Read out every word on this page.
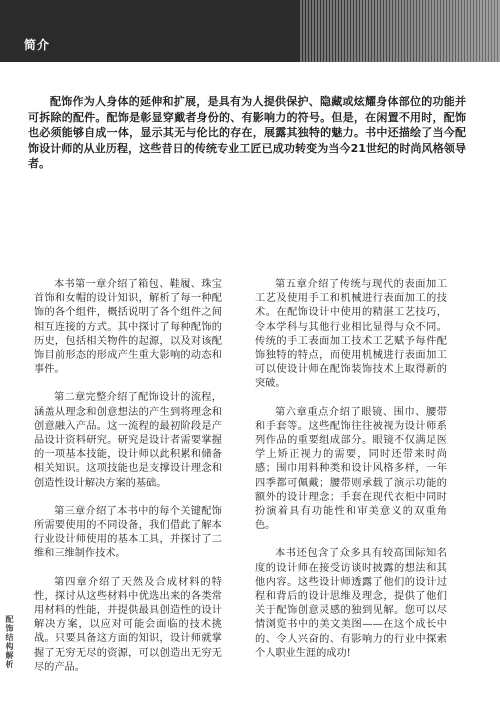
简介

配饰作为人身体的延伸和扩展，是具有为人提供保护、隐藏或炫耀身体部位的功能并可拆除的配件。配饰是彰显穿戴者身份的、有影响力的符号。但是，在闲置不用时，配饰也必须能够自成一体，显示其无与伦比的存在，展露其独特的魅力。书中还描绘了当今配饰设计师的从业历程，这些昔日的传统专业工匠已成功转变为当今21世纪的时尚风格领导者。

本书第一章介绍了箱包、鞋履、珠宝首饰和女帽的设计知识，解析了每一种配饰的各个组件，概括说明了各个组件之间相互连接的方式。其中探讨了每种配饰的历史，包括相关物件的起源，以及对该配饰目前形态的形成产生重大影响的动态和事件。

第二章完整介绍了配饰设计的流程，涵盖从理念和创意想法的产生到将理念和创意融入产品。这一流程的最初阶段是产品设计资料研究。研究是设计者需要掌握的一项基本技能，设计师以此积累和储备相关知识。这项技能也是支撑设计理念和创造性设计解决方案的基础。

第三章介绍了本书中的每个关键配饰所需要使用的不同设备，我们借此了解本行业设计师使用的基本工具，并探讨了二维和三维制作技术。

第四章介绍了天然及合成材料的特性，探讨从这些材料中优选出来的各类常用材料的性能，并提供最具创造性的设计解决方案，以应对可能会面临的技术挑战。只要具备这方面的知识，设计师就掌握了无穷无尽的资源，可以创造出无穷无尽的产品。

第五章介绍了传统与现代的表面加工工艺及使用手工和机械进行表面加工的技术。在配饰设计中使用的精湛工艺技巧，令本学科与其他行业相比显得与众不同。传统的手工表面加工技术工艺赋予每件配饰独特的特点，而使用机械进行表面加工可以使设计师在配饰装饰技术上取得新的突破。

第六章重点介绍了眼镜、围巾、腰带和手套等。这些配饰往往被视为设计师系列作品的重要组成部分。眼镜不仅满足医学上矫正视力的需要，同时还带来时尚感；围巾用料种类和设计风格多样，一年四季都可佩戴；腰带则承载了演示功能的额外的设计理念；手套在现代衣柜中同时扮演着具有功能性和审美意义的双重角色。

本书还包含了众多具有较高国际知名度的设计师在接受访谈时披露的想法和其他内容。这些设计师透露了他们的设计过程和背后的设计思维及理念，提供了他们关于配饰创意灵感的独到见解。您可以尽情浏览书中的美文美图——在这个成长中的、令人兴奋的、有影响力的行业中探索个人职业生涯的成功!

配饰结构解析
